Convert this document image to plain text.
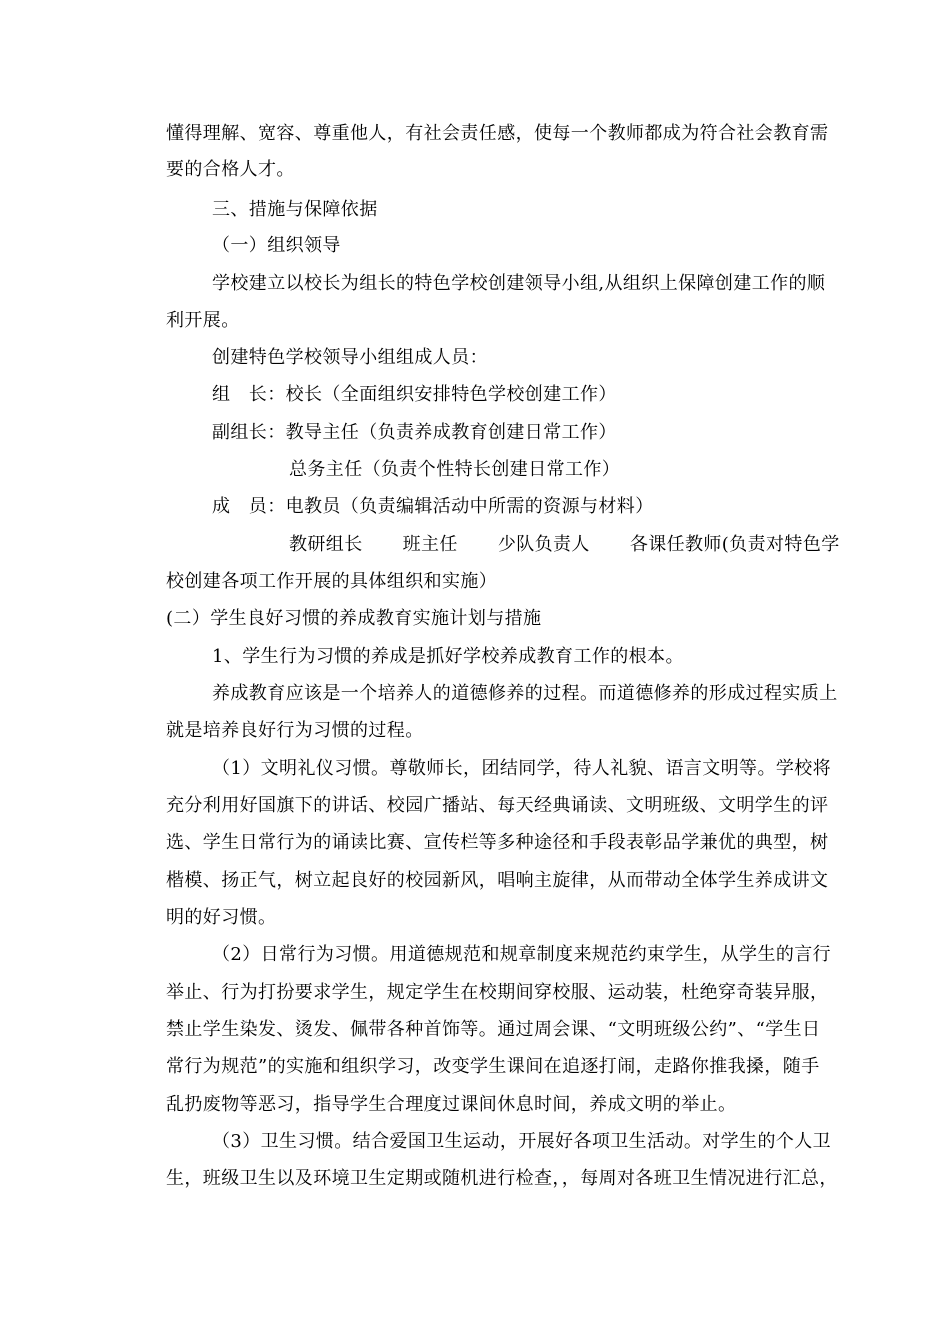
懂得理解、宽容、尊重他人，有社会责任感，使每一个教师都成为符合社会教育需
要的合格人才。
三、措施与保障依据
（一）组织领导
学校建立以校长为组长的特色学校创建领导小组,从组织上保障创建工作的顺
利开展。
创建特色学校领导小组组成人员：
组　长：校长（全面组织安排特色学校创建工作）
副组长：教导主任（负责养成教育创建日常工作）
总务主任（负责个性特长创建日常工作）
成　员：电教员（负责编辑活动中所需的资源与材料）
教研组长 班主任 少队负责人 各课任教师(负责对特色学
校创建各项工作开展的具体组织和实施）
(二）学生良好习惯的养成教育实施计划与措施
1、学生行为习惯的养成是抓好学校养成教育工作的根本。
养成教育应该是一个培养人的道德修养的过程。而道德修养的形成过程实质上
就是培养良好行为习惯的过程。
（1）文明礼仪习惯。尊敬师长，团结同学，待人礼貌、语言文明等。学校将
充分利用好国旗下的讲话、校园广播站、每天经典诵读、文明班级、文明学生的评
选、学生日常行为的诵读比赛、宣传栏等多种途径和手段表彰品学兼优的典型，树
楷模、扬正气，树立起良好的校园新风，唱响主旋律，从而带动全体学生养成讲文
明的好习惯。
（2）日常行为习惯。用道德规范和规章制度来规范约束学生，从学生的言行
举止、行为打扮要求学生，规定学生在校期间穿校服、运动装，杜绝穿奇装异服，
禁止学生染发、烫发、佩带各种首饰等。通过周会课、“文明班级公约”、“学生日
常行为规范”的实施和组织学习，改变学生课间在追逐打闹，走路你推我搡，随手
乱扔废物等恶习，指导学生合理度过课间休息时间，养成文明的举止。
（3）卫生习惯。结合爱国卫生运动，开展好各项卫生活动。对学生的个人卫
生，班级卫生以及环境卫生定期或随机进行检查，，每周对各班卫生情况进行汇总，
